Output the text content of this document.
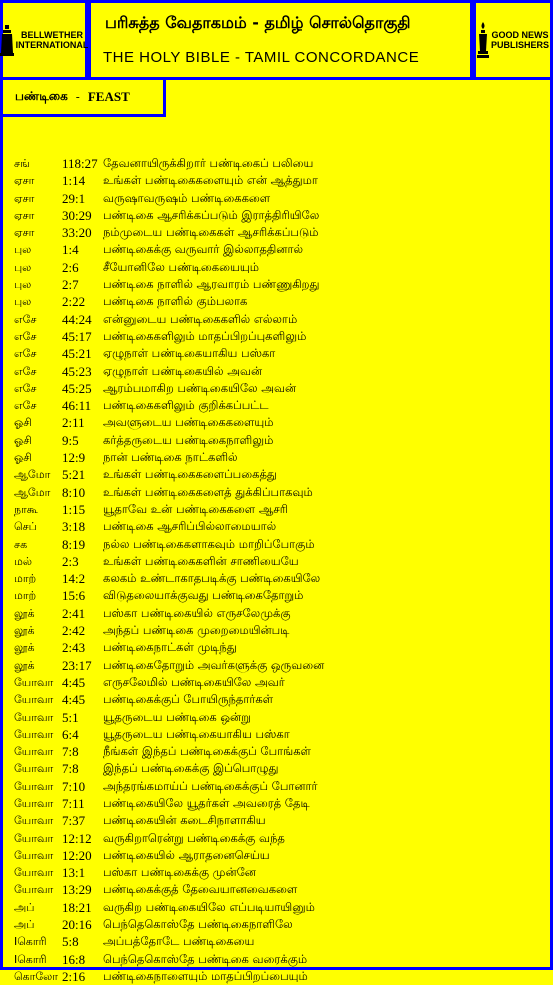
BELLWETHER
INTERNATIONAL
பரிசுத்த வேதாகமம் - தமிழ் சொல்தொகுதி
THE HOLY BIBLE - TAMIL CONCORDANCE
GOOD NEWS
PUBLISHERS
பண்டிகை - FEAST
சங் 118:27 தேவனாயிருக்கிறார் பண்டிகைப் பலியை
ஏசா 1:14 உங்கள் பண்டிகைகளையும் என் ஆத்துமா
ஏசா 29:1 வருஷாவருஷம் பண்டிகைகளை
ஏசா 30:29 பண்டிகை ஆசரிக்கப்படும் இராத்திரியிலே
ஏசா 33:20 நம்முடைய பண்டிகைகள் ஆசரிக்கப்படும்
புல 1:4 பண்டிகைக்கு வருவார் இல்லாததினால்
புல 2:6 சீயோனிலே பண்டிகையையும்
புல 2:7 பண்டிகை நாளில் ஆரவாரம் பண்ணுகிறது
புல 2:22 பண்டிகை நாளில் கும்பலாக
எசே 44:24 என்னுடைய பண்டிகைகளில் எல்லாம்
எசே 45:17 பண்டிகைகளிலும் மாதப்பிறப்புகளிலும்
எசே 45:21 ஏழுநாள் பண்டிகையாகிய பஸ்கா
எசே 45:23 ஏழுநாள் பண்டிகையில் அவன்
எசே 45:25 ஆரம்பமாகிற பண்டிகையிலே அவன்
எசே 46:11 பண்டிகைகளிலும் குறிக்கப்பட்ட
ஓசி 2:11 அவளுடைய பண்டிகைகளையும்
ஓசி 9:5 கர்த்தருடைய பண்டிகைநாளிலும்
ஓசி 12:9 நான் பண்டிகை நாட்களில்
ஆமோ 5:21 உங்கள் பண்டிகைகளைப்பகைத்து
ஆமோ 8:10 உங்கள் பண்டிகைகளைத் துக்கிப்பாகவும்
நாகூ 1:15 யூதாவே உன் பண்டிகைகளை ஆசரி
செப் 3:18 பண்டிகை ஆசரிப்பில்லாமையால்
சக	8:19 நல்ல பண்டிகைகளாகவும் மாறிப்போகும்
மல் 2:3 உங்கள் பண்டிகைகளின் சாணியையே
மாற் 14:2 கலகம் உண்டாகாதபடிக்கு பண்டிகையிலே
மாற் 15:6 விடுதலையாக்குவது பண்டிகைதோறும்
லூக் 2:41 பஸ்கா பண்டிகையில் எருசலேமுக்கு
லூக் 2:42 அந்தப் பண்டிகை முறைமையின்படி
லூக் 2:43 பண்டிகைநாட்கள் முடிந்து
லூக் 23:17 பண்டிகைதோறும் அவர்களுக்கு ஒருவனை
யோவா 4:45 எருசலேமில் பண்டிகையிலே அவர்
யோவா 4:45 பண்டிகைக்குப் போயிருந்தார்கள்
யோவா 5:1 யூதருடைய பண்டிகை ஒன்று
யோவா 6:4 யூதருடைய பண்டிகையாகிய பஸ்கா
யோவா 7:8 நீங்கள் இந்தப் பண்டிகைக்குப் போங்கள்
யோவா 7:8 இந்தப் பண்டிகைக்கு இப்பொழுது
யோவா 7:10 அந்தரங்கமாய்ப் பண்டிகைக்குப் போனார்
யோவா 7:11 பண்டிகையிலே யூதர்கள் அவரைத் தேடி
யோவா 7:37 பண்டிகையின் கடைசிநாளாகிய
யோவா 12:12 வருகிறாரென்று பண்டிகைக்கு வந்த
யோவா 12:20 பண்டிகையில் ஆராதனைசெய்ய
யோவா 13:1 பஸ்கா பண்டிகைக்கு முன்னே
யோவா 13:29 பண்டிகைக்குத் தேவையானவைகளை
அப் 18:21 வருகிற பண்டிகையிலே எப்படியாயினும்
அப் 20:16 பெந்தெகொஸ்தே பண்டிகைநாளிலே
Iகொரி 5:8 அப்பத்தோடே பண்டிகையை
Iகொரி 16:8 பெந்தெகொஸ்தே பண்டிகை வரைக்கும்
கொலோ 2:16 பண்டிகைநாளையும் மாதப்பிறப்பையும்
